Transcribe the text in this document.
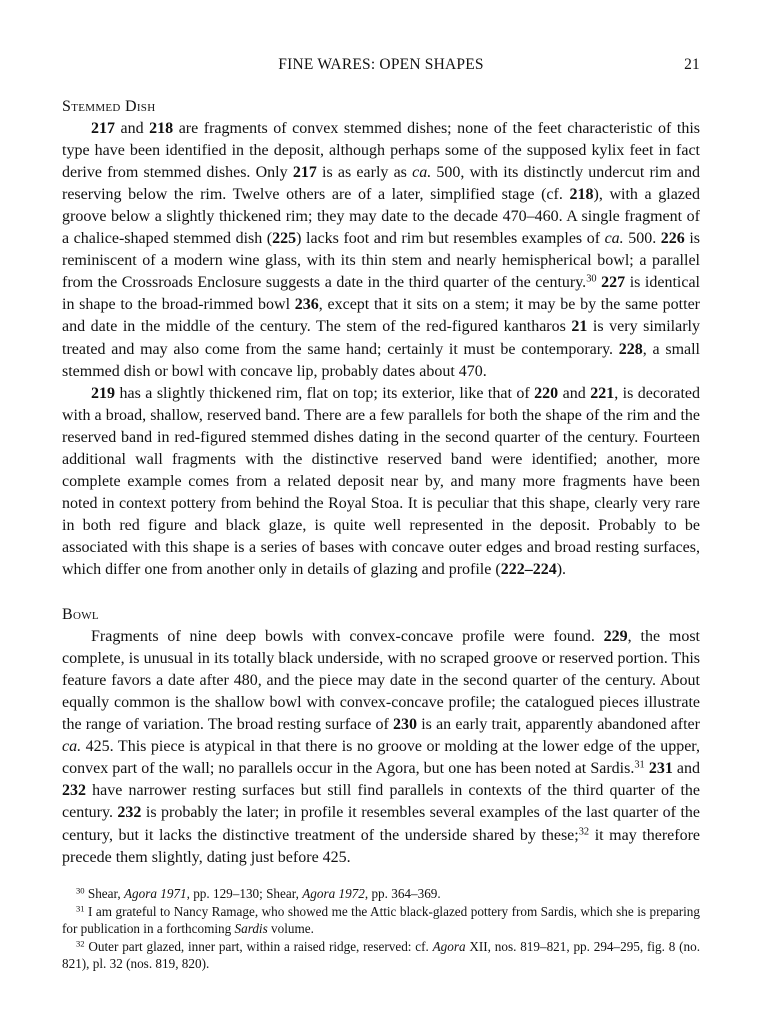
FINE WARES: OPEN SHAPES	21

Stemmed Dish

217 and 218 are fragments of convex stemmed dishes; none of the feet characteristic of this type have been identified in the deposit, although perhaps some of the supposed kylix feet in fact derive from stemmed dishes. Only 217 is as early as ca. 500, with its distinctly undercut rim and reserving below the rim. Twelve others are of a later, simplified stage (cf. 218), with a glazed groove below a slightly thickened rim; they may date to the decade 470–460. A single fragment of a chalice-shaped stemmed dish (225) lacks foot and rim but resembles examples of ca. 500. 226 is reminiscent of a modern wine glass, with its thin stem and nearly hemispherical bowl; a parallel from the Crossroads Enclosure suggests a date in the third quarter of the century.$^{30}$ 227 is identical in shape to the broad-rimmed bowl 236, except that it sits on a stem; it may be by the same potter and date in the middle of the century. The stem of the red-figured kantharos 21 is very similarly treated and may also come from the same hand; certainly it must be contemporary. 228, a small stemmed dish or bowl with concave lip, probably dates about 470.

219 has a slightly thickened rim, flat on top; its exterior, like that of 220 and 221, is decorated with a broad, shallow, reserved band. There are a few parallels for both the shape of the rim and the reserved band in red-figured stemmed dishes dating in the second quarter of the century. Fourteen additional wall fragments with the distinctive reserved band were identified; another, more complete example comes from a related deposit near by, and many more fragments have been noted in context pottery from behind the Royal Stoa. It is peculiar that this shape, clearly very rare in both red figure and black glaze, is quite well represented in the deposit. Probably to be associated with this shape is a series of bases with concave outer edges and broad resting surfaces, which differ one from another only in details of glazing and profile (222–224).

Bowl

Fragments of nine deep bowls with convex-concave profile were found. 229, the most complete, is unusual in its totally black underside, with no scraped groove or reserved portion. This feature favors a date after 480, and the piece may date in the second quarter of the century. About equally common is the shallow bowl with convex-concave profile; the catalogued pieces illustrate the range of variation. The broad resting surface of 230 is an early trait, apparently abandoned after ca. 425. This piece is atypical in that there is no groove or molding at the lower edge of the upper, convex part of the wall; no parallels occur in the Agora, but one has been noted at Sardis.$^{31}$ 231 and 232 have narrower resting surfaces but still find parallels in contexts of the third quarter of the century. 232 is probably the later; in profile it resembles several examples of the last quarter of the century, but it lacks the distinctive treatment of the underside shared by these;$^{32}$ it may therefore precede them slightly, dating just before 425.

$^{30}$ Shear, Agora 1971, pp. 129–130; Shear, Agora 1972, pp. 364–369.

$^{31}$ I am grateful to Nancy Ramage, who showed me the Attic black-glazed pottery from Sardis, which she is preparing for publication in a forthcoming Sardis volume.

$^{32}$ Outer part glazed, inner part, within a raised ridge, reserved: cf. Agora XII, nos. 819–821, pp. 294–295, fig. 8 (no. 821), pl. 32 (nos. 819, 820).
